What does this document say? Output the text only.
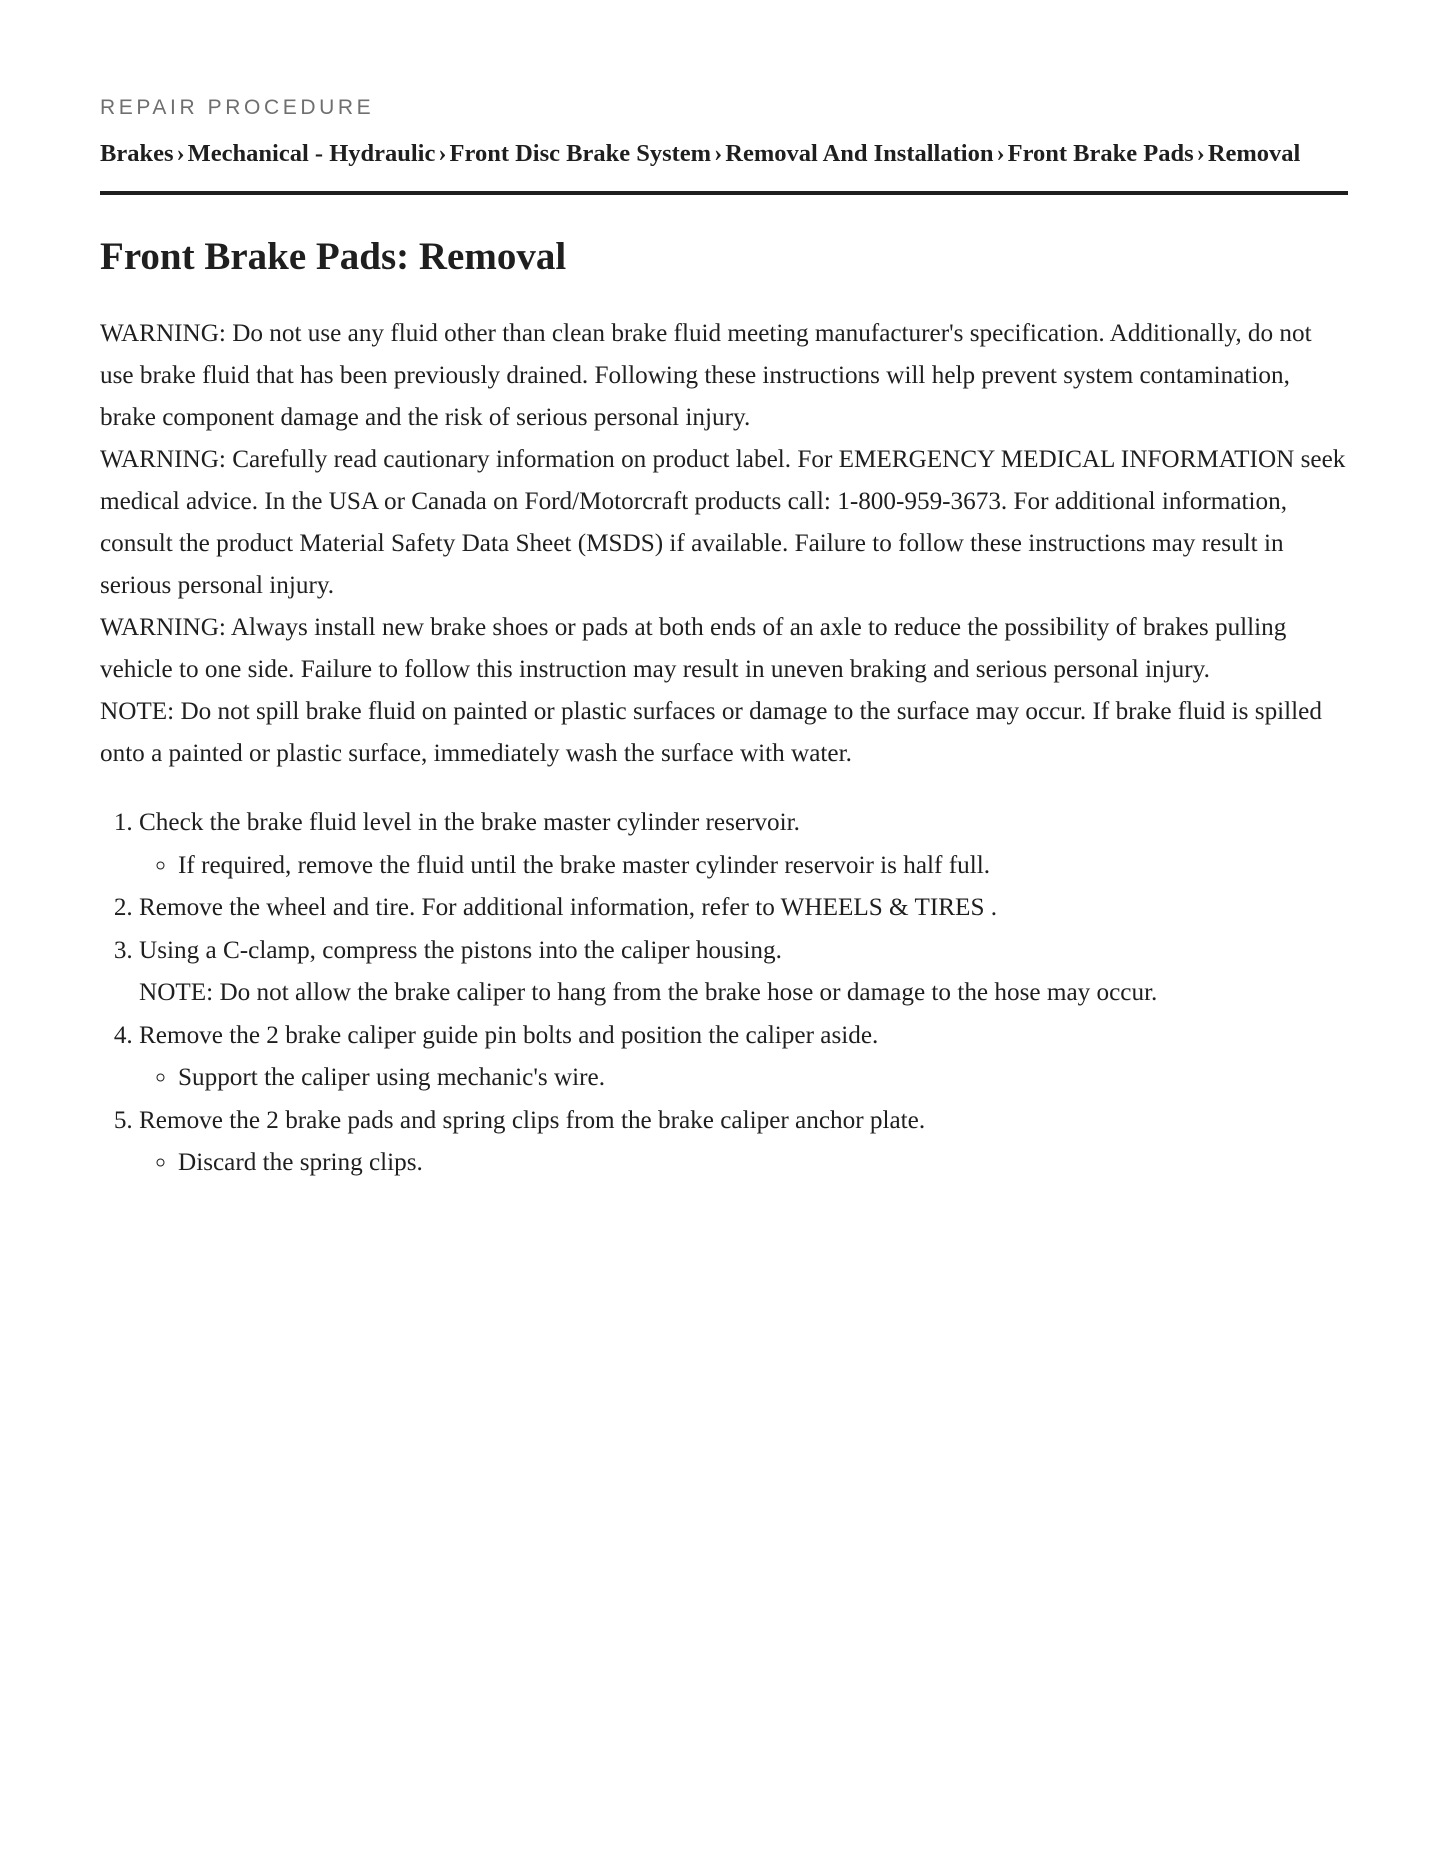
REPAIR PROCEDURE

Brakes › Mechanical - Hydraulic › Front Disc Brake System › Removal And Installation › Front Brake Pads › Removal
Front Brake Pads: Removal

WARNING: Do not use any fluid other than clean brake fluid meeting manufacturer's specification. Additionally, do not use brake fluid that has been previously drained. Following these instructions will help prevent system contamination, brake component damage and the risk of serious personal injury.

WARNING: Carefully read cautionary information on product label. For EMERGENCY MEDICAL INFORMATION seek medical advice. In the USA or Canada on Ford/Motorcraft products call: 1-800-959-3673. For additional information, consult the product Material Safety Data Sheet (MSDS) if available. Failure to follow these instructions may result in serious personal injury.

WARNING: Always install new brake shoes or pads at both ends of an axle to reduce the possibility of brakes pulling vehicle to one side. Failure to follow this instruction may result in uneven braking and serious personal injury.

NOTE: Do not spill brake fluid on painted or plastic surfaces or damage to the surface may occur. If brake fluid is spilled onto a painted or plastic surface, immediately wash the surface with water.

1. Check the brake fluid level in the brake master cylinder reservoir.
◦ If required, remove the fluid until the brake master cylinder reservoir is half full.
2. Remove the wheel and tire. For additional information, refer to WHEELS & TIRES .
3. Using a C-clamp, compress the pistons into the caliper housing.
NOTE: Do not allow the brake caliper to hang from the brake hose or damage to the hose may occur.
4. Remove the 2 brake caliper guide pin bolts and position the caliper aside.
◦ Support the caliper using mechanic's wire.
5. Remove the 2 brake pads and spring clips from the brake caliper anchor plate.
◦ Discard the spring clips.
